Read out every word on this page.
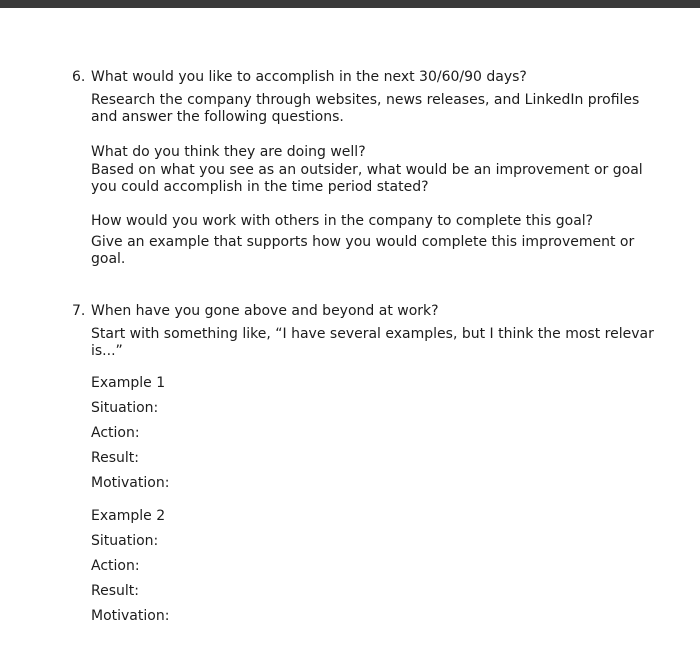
6. What would you like to accomplish in the next 30/60/90 days?
Research the company through websites, news releases, and LinkedIn profiles
and answer the following questions.
What do you think they are doing well?
Based on what you see as an outsider, what would be an improvement or goal
you could accomplish in the time period stated?
How would you work with others in the company to complete this goal?
Give an example that supports how you would complete this improvement or
goal.
7. When have you gone above and beyond at work?
Start with something like, “I have several examples, but I think the most relevar
is...”
Example 1
Situation:
Action:
Result:
Motivation:
Example 2
Situation:
Action:
Result:
Motivation:
